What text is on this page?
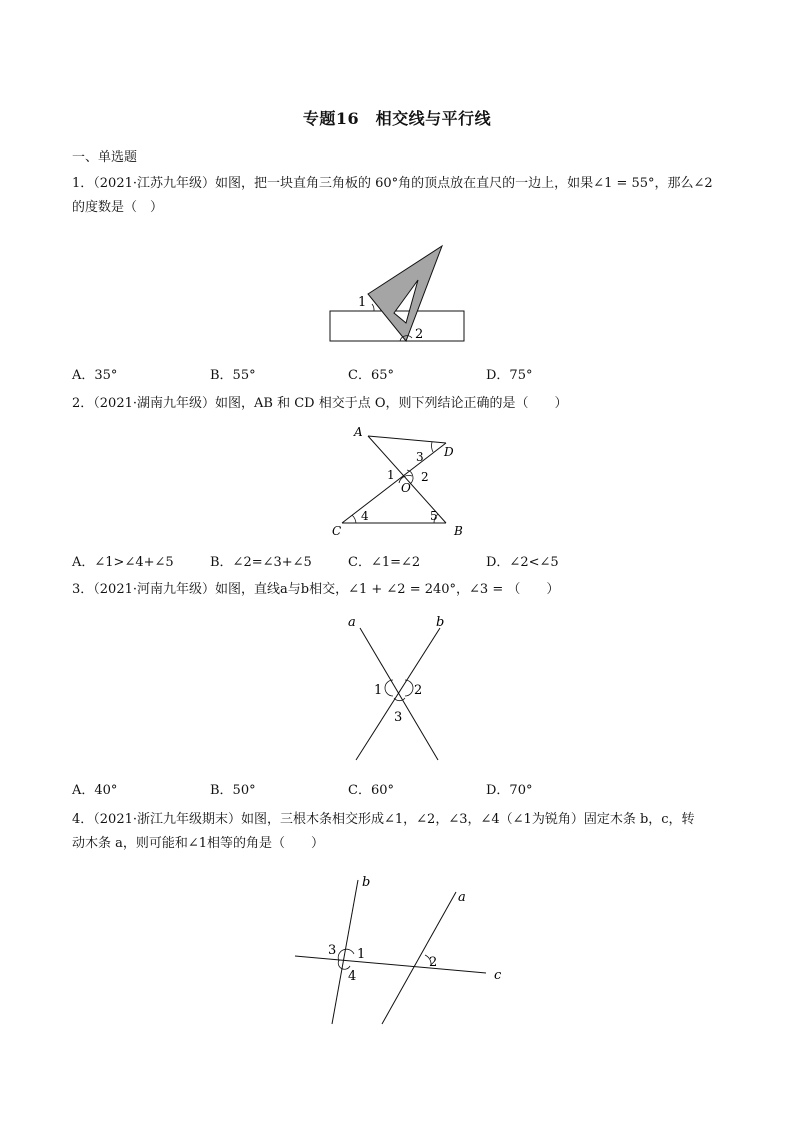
专题16　相交线与平行线
一、单选题
1．（2021·江苏九年级）如图，把一块直角三角板的 60°角的顶点放在直尺的一边上，如果∠1 = 55°，那么∠2
的度数是（　）
1
2
A．35°	B．55°	C．65°	D．75°
2．（2021·湖南九年级）如图，AB 和 CD 相交于点 O，则下列结论正确的是（　　）
A
D
3
1
O
2
C
4	5
B
A．∠1>∠4+∠5	B．∠2=∠3+∠5	C．∠1=∠2	D．∠2<∠5
3．（2021·河南九年级）如图，直线a与b相交，∠1 + ∠2 = 240°，∠3 = （　　）
a	b
1 2
3
A．40°	B．50°	C．60°	D．70°
4．（2021·浙江九年级期末）如图，三根木条相交形成∠1，∠2，∠3，∠4（∠1为锐角）固定木条 b，c，转
动木条 a，则可能和∠1相等的角是（　　）
b
a
3 1
4
2
c
